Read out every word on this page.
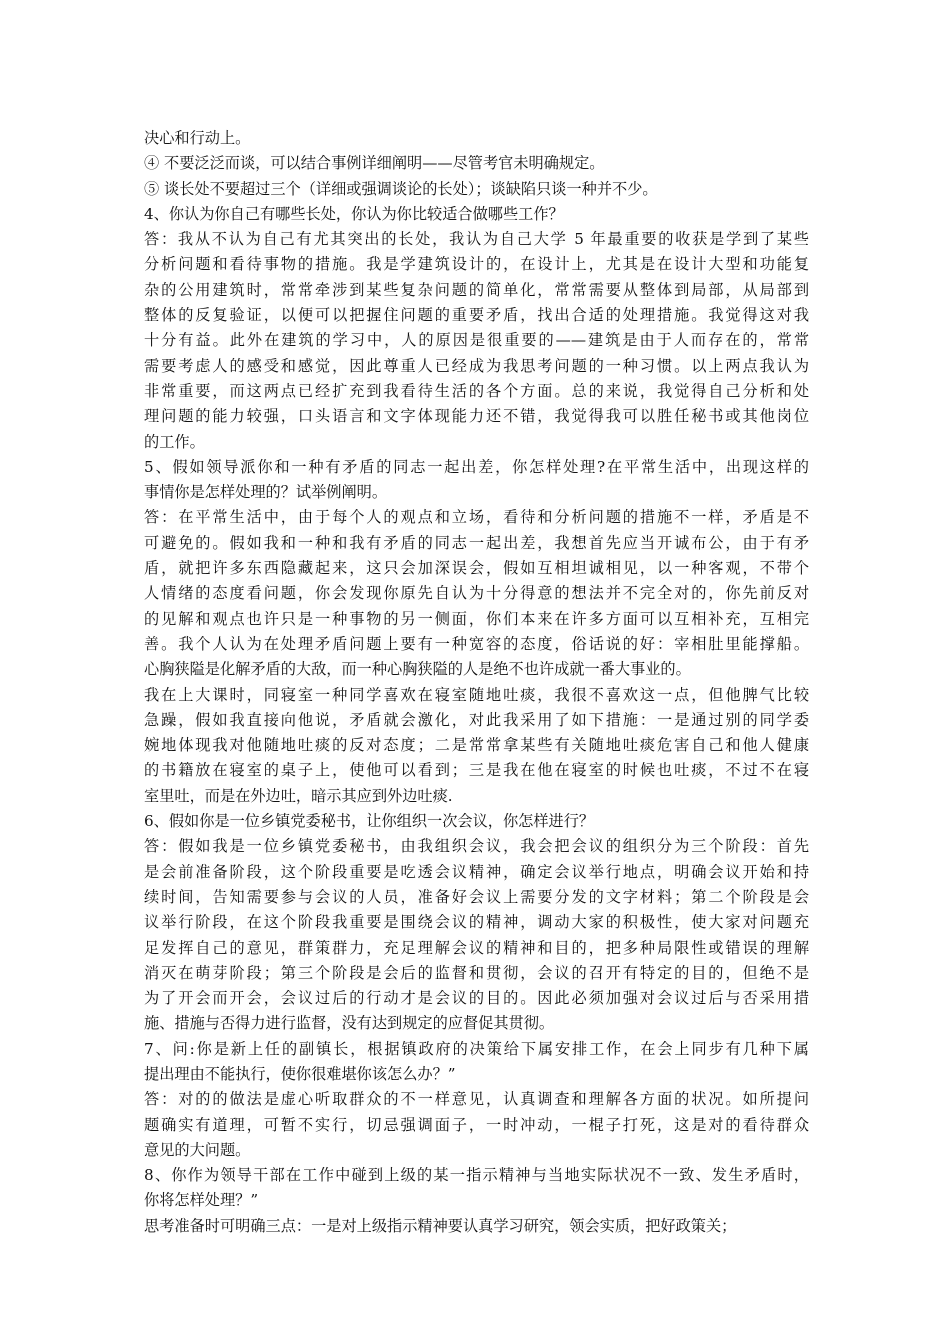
决心和行动上。
④ 不要泛泛而谈，可以结合事例详细阐明——尽管考官未明确规定。
⑤ 谈长处不要超过三个（详细或强调谈论的长处）；谈缺陷只谈一种并不少。
4、你认为你自己有哪些长处，你认为你比较适合做哪些工作？
答：我从不认为自己有尤其突出的长处，我认为自己大学 5 年最重要的收获是学到了某些
分析问题和看待事物的措施。我是学建筑设计的，在设计上，尤其是在设计大型和功能复
杂的公用建筑时，常常牵涉到某些复杂问题的简单化，常常需要从整体到局部，从局部到
整体的反复验证，以便可以把握住问题的重要矛盾，找出合适的处理措施。我觉得这对我
十分有益。此外在建筑的学习中，人的原因是很重要的——建筑是由于人而存在的，常常
需要考虑人的感受和感觉，因此尊重人已经成为我思考问题的一种习惯。以上两点我认为
非常重要，而这两点已经扩充到我看待生活的各个方面。总的来说，我觉得自己分析和处
理问题的能力较强，口头语言和文字体现能力还不错，我觉得我可以胜任秘书或其他岗位
的工作。
5、假如领导派你和一种有矛盾的同志一起出差，你怎样处理?在平常生活中，出现这样的
事情你是怎样处理的？试举例阐明。
答：在平常生活中，由于每个人的观点和立场，看待和分析问题的措施不一样，矛盾是不
可避免的。假如我和一种和我有矛盾的同志一起出差，我想首先应当开诚布公，由于有矛
盾，就把许多东西隐藏起来，这只会加深误会，假如互相坦诚相见，以一种客观，不带个
人情绪的态度看问题，你会发现你原先自认为十分得意的想法并不完全对的，你先前反对
的见解和观点也许只是一种事物的另一侧面，你们本来在许多方面可以互相补充，互相完
善。我个人认为在处理矛盾问题上要有一种宽容的态度，俗话说的好：宰相肚里能撑船。
心胸狭隘是化解矛盾的大敌，而一种心胸狭隘的人是绝不也许成就一番大事业的。
我在上大课时，同寝室一种同学喜欢在寝室随地吐痰，我很不喜欢这一点，但他脾气比较
急躁，假如我直接向他说，矛盾就会激化，对此我采用了如下措施：一是通过别的同学委
婉地体现我对他随地吐痰的反对态度；二是常常拿某些有关随地吐痰危害自己和他人健康
的书籍放在寝室的桌子上，使他可以看到；三是我在他在寝室的时候也吐痰，不过不在寝
室里吐，而是在外边吐，暗示其应到外边吐痰.
6、假如你是一位乡镇党委秘书，让你组织一次会议，你怎样进行？
答：假如我是一位乡镇党委秘书，由我组织会议，我会把会议的组织分为三个阶段：首先
是会前准备阶段，这个阶段重要是吃透会议精神，确定会议举行地点，明确会议开始和持
续时间，告知需要参与会议的人员，准备好会议上需要分发的文字材料；第二个阶段是会
议举行阶段，在这个阶段我重要是围绕会议的精神，调动大家的积极性，使大家对问题充
足发挥自己的意见，群策群力，充足理解会议的精神和目的，把多种局限性或错误的理解
消灭在萌芽阶段；第三个阶段是会后的监督和贯彻，会议的召开有特定的目的，但绝不是
为了开会而开会，会议过后的行动才是会议的目的。因此必须加强对会议过后与否采用措
施、措施与否得力进行监督，没有达到规定的应督促其贯彻。
7、问:你是新上任的副镇长，根据镇政府的决策给下属安排工作，在会上同步有几种下属
提出理由不能执行，使你很难堪你该怎么办？”
答：对的的做法是虚心听取群众的不一样意见，认真调查和理解各方面的状况。如所提问
题确实有道理，可暂不实行，切忌强调面子，一时冲动，一棍子打死，这是对的看待群众
意见的大问题。
8、你作为领导干部在工作中碰到上级的某一指示精神与当地实际状况不一致、发生矛盾时，
你将怎样处理？”
思考准备时可明确三点：一是对上级指示精神要认真学习研究，领会实质，把好政策关；
